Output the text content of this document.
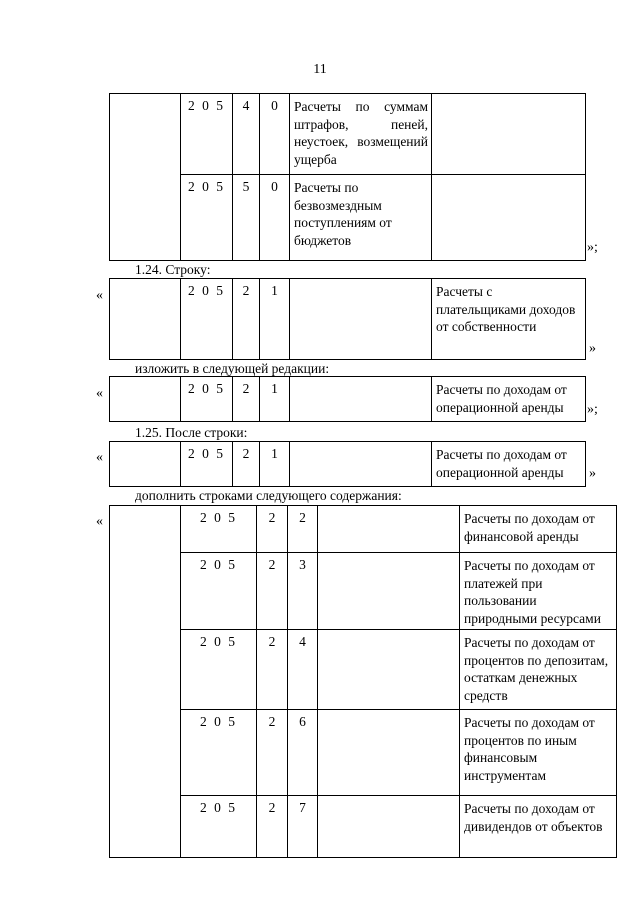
11
	2 0 5	4	0	Расчеты по суммам штрафов, пеней, неустоек, возмещений ущерба	
	2 0 5	5	0	Расчеты по безвозмездным поступлениям от бюджетов		»;
1.24. Строку:
«
		2 0 5	2	1		Расчеты с плательщиками доходов от собственности
»
изложить в следующей редакции:
«
		2 0 5	2	1		Расчеты по доходам от операционной аренды »;
1.25. После строки:
«
		2 0 5	2	1		Расчеты по доходам от операционной аренды »
дополнить строками следующего содержания:
«
		2 0 5	2	2		Расчеты по доходам от финансовой аренды
	2 0 5	2	3		Расчеты по доходам от платежей при пользовании природными ресурсами
	2 0 5	2	4		Расчеты по доходам от процентов по депозитам, остаткам денежных средств
	2 0 5	2	6		Расчеты по доходам от процентов по иным финансовым инструментам
	2 0 5	2	7		Расчеты по доходам от дивидендов от объектов
